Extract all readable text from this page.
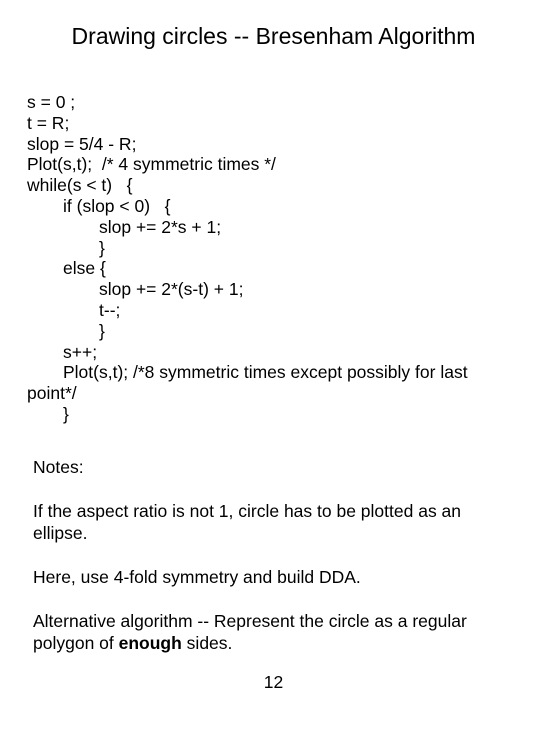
Drawing circles -- Bresenham Algorithm
s = 0 ;
t = R;
slop = 5/4 - R;
Plot(s,t);  /* 4 symmetric times */
while(s < t)   {
if (slop < 0)   {
slop += 2*s + 1;
}
else {
slop += 2*(s-t) + 1;
t--;
}
s++;
Plot(s,t); /*8 symmetric times except possibly for last
point*/
}

Notes:

If the aspect ratio is not 1, circle has to be plotted as an ellipse.

Here, use 4-fold symmetry and build DDA.

Alternative algorithm -- Represent the circle as a regular polygon of enough sides.

12
